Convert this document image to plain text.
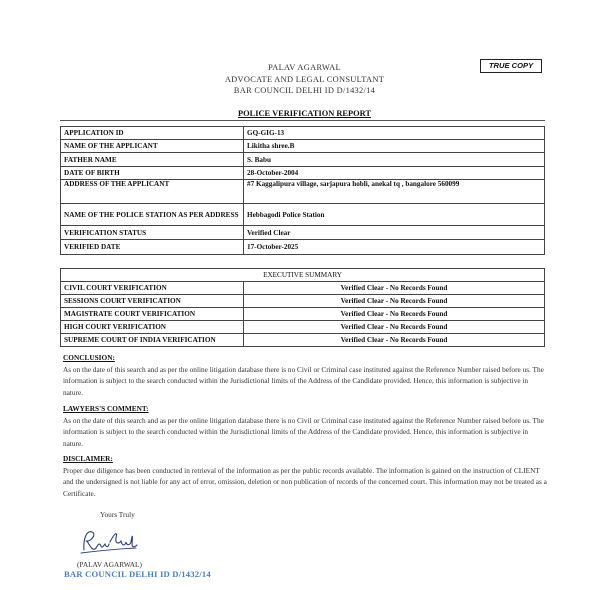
PALAV AGARWAL
ADVOCATE AND LEGAL CONSULTANT
BAR COUNCIL DELHI ID D/1432/14
TRUE COPY
POLICE VERIFICATION REPORT
APPLICATION ID	GQ-GIG-13
NAME OF THE APPLICANT	Likitha shree.B
FATHER NAME	S. Babu
DATE OF BIRTH	28-October-2004
ADDRESS OF THE APPLICANT	#7 Kaggalipura village, sarjapura hobli, anekal tq , bangalore 560099
NAME OF THE POLICE STATION AS PER ADDRESS	Hebbagodi Police Station
VERIFICATION STATUS	Verified Clear
VERIFIED DATE	17-October-2025
EXECUTIVE SUMMARY	
CIVIL COURT VERIFICATION	Verified Clear - No Records Found
SESSIONS COURT VERIFICATION	Verified Clear - No Records Found
MAGISTRATE COURT VERIFICATION	Verified Clear - No Records Found
HIGH COURT VERIFICATION	Verified Clear - No Records Found
SUPREME COURT OF INDIA VERIFICATION	Verified Clear - No Records Found
CONCLUSION:
As on the date of this search and as per the online litigation database there is no Civil or Criminal case instituted against the Reference Number raised before us. The information is subject to the search conducted within the Jurisdictional limits of the Address of the Candidate provided. Hence, this information is subjective in nature.
LAWYERS'S COMMENT:
As on the date of this search and as per the online litigation database there is no Civil or Criminal case instituted against the Reference Number raised before us. The information is subject to the search conducted within the Jurisdictional limits of the Address of the Candidate provided. Hence, this information is subjective in nature.
DISCLAIMER:
Proper due diligence has been conducted in retrieval of the information as per the public records available. The information is gained on the instruction of CLIENT and the undersigned is not liable for any act of error, omission, deletion or non publication of records of the concerned court. This information may not be treated as a Certificate.
Yours Truly
(PALAV AGARWAL)
BAR COUNCIL DELHI ID D/1432/14
